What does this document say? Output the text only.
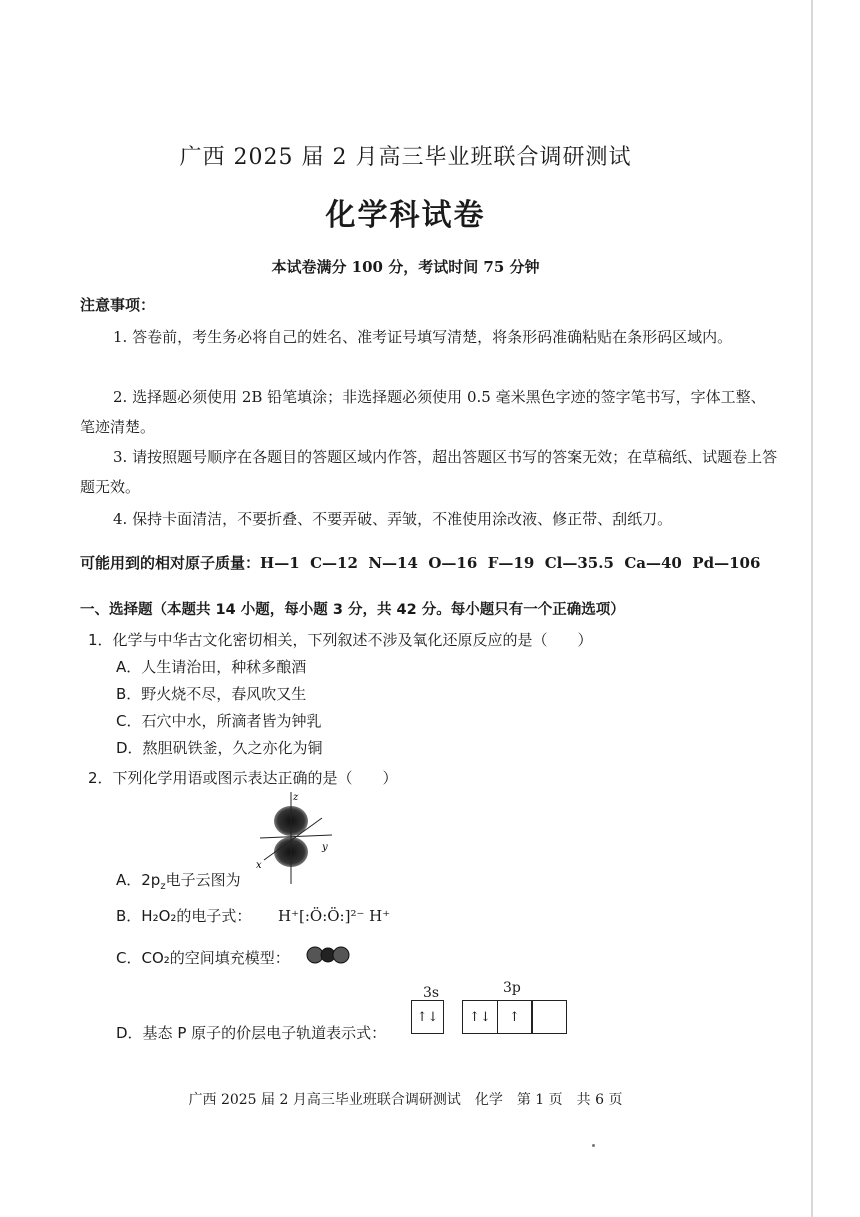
广西 2025 届 2 月高三毕业班联合调研测试
化学科试卷
本试卷满分 100 分，考试时间 75 分钟
注意事项：
1. 答卷前，考生务必将自己的姓名、准考证号填写清楚，将条形码准确粘贴在条形码区域内。
2. 选择题必须使用 2B 铅笔填涂；非选择题必须使用 0.5 毫米黑色字迹的签字笔书写，字体工整、笔迹清楚。
3. 请按照题号顺序在各题目的答题区域内作答，超出答题区书写的答案无效；在草稿纸、试题卷上答题无效。
4. 保持卡面清洁，不要折叠、不要弄破、弄皱，不准使用涂改液、修正带、刮纸刀。
可能用到的相对原子质量：H—1  C—12  N—14  O—16  F—19  Cl—35.5  Ca—40  Pd—106
一、选择题（本题共 14 小题，每小题 3 分，共 42 分。每小题只有一个正确选项）
1．化学与中华古文化密切相关，下列叙述不涉及氧化还原反应的是（　　）
A．人生请治田，种秫多酿酒
B．野火烧不尽，春风吹又生
C．石穴中水，所滴者皆为钟乳
D．熬胆矾铁釜，久之亦化为铜
2．下列化学用语或图示表达正确的是（　　）
z
y
x
A．$2p_z$电子云图为
B．H₂O₂的电子式： H⁺[:Ö:Ö:]²⁻ H⁺
C．CO₂的空间填充模型：
D．基态 P 原子的价层电子轨道表示式：
3s	3p
↑↓	↑↓ ↑
广西 2025 届 2 月高三毕业班联合调研测试　化学　第 1 页　共 6 页
